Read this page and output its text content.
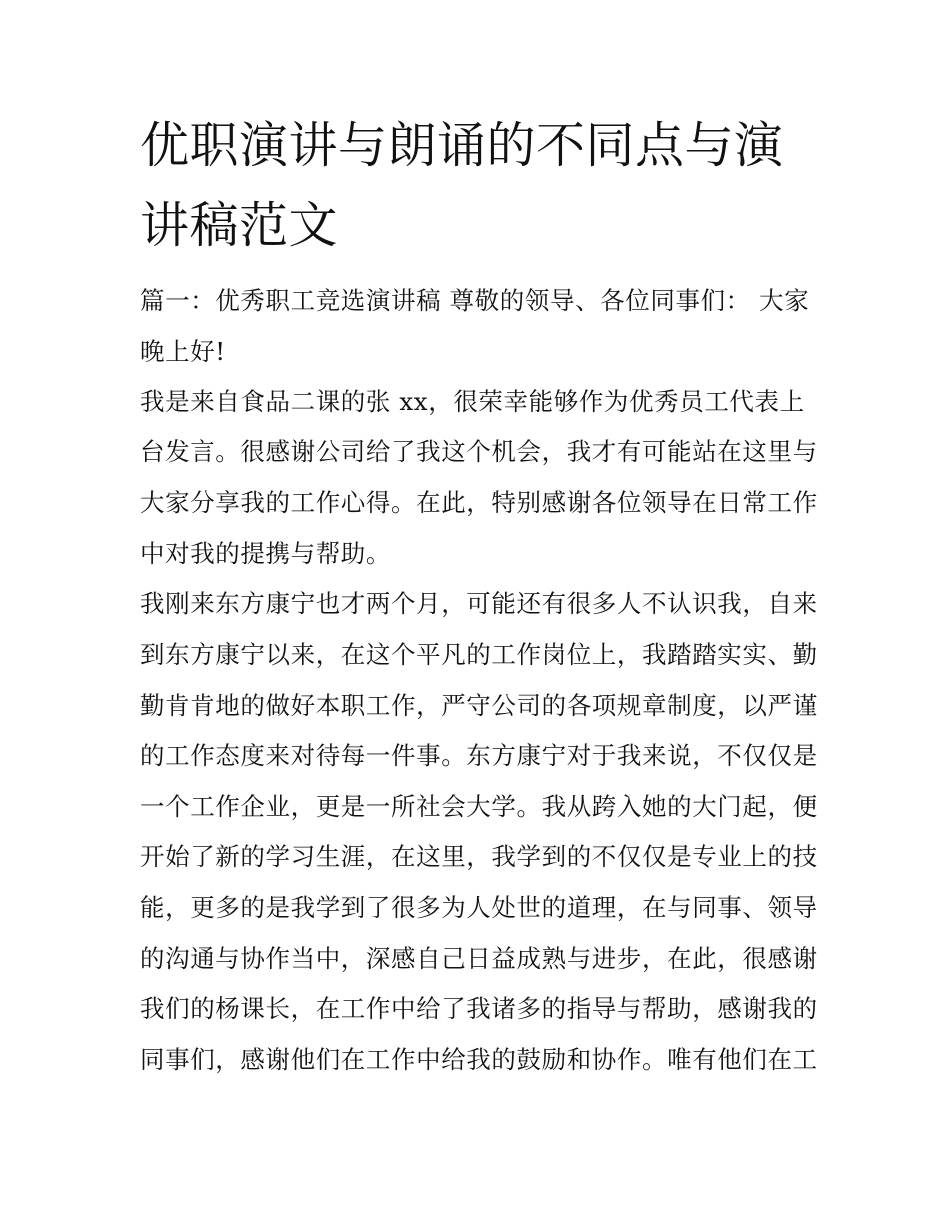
优职演讲与朗诵的不同点与演
讲稿范文
篇一：优秀职工竞选演讲稿 尊敬的领导、各位同事们： 大家
晚上好!
我是来自食品二课的张 xx，很荣幸能够作为优秀员工代表上
台发言。很感谢公司给了我这个机会，我才有可能站在这里与
大家分享我的工作心得。在此，特别感谢各位领导在日常工作
中对我的提携与帮助。
我刚来东方康宁也才两个月，可能还有很多人不认识我，自来
到东方康宁以来，在这个平凡的工作岗位上，我踏踏实实、勤
勤肯肯地的做好本职工作，严守公司的各项规章制度，以严谨
的工作态度来对待每一件事。东方康宁对于我来说，不仅仅是
一个工作企业，更是一所社会大学。我从跨入她的大门起，便
开始了新的学习生涯，在这里，我学到的不仅仅是专业上的技
能，更多的是我学到了很多为人处世的道理，在与同事、领导
的沟通与协作当中，深感自己日益成熟与进步，在此，很感谢
我们的杨课长，在工作中给了我诸多的指导与帮助，感谢我的
同事们，感谢他们在工作中给我的鼓励和协作。唯有他们在工
